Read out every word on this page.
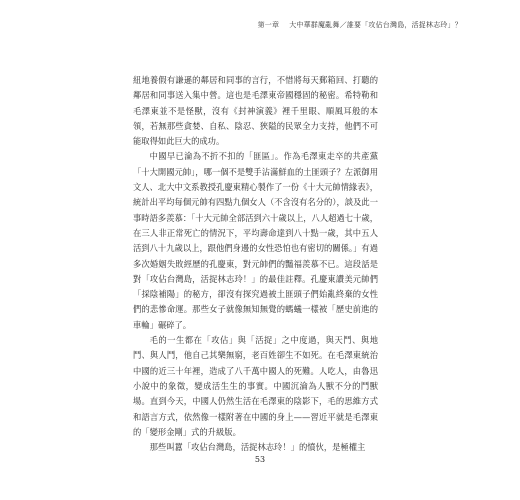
第一章 大中華群魔亂舞／誰要「攻佔台灣島，活捉林志玲」？

紐地養假有謙遜的鄰居和同事的言行，不惜將每天郵箱回、打聽的鄰居和同事送入集中營。這也是毛澤東帝國穩固的秘密。希特勒和毛澤東並不是怪獸，沒有《封神演義》裡千里眼、順風耳般的本領，若無那些貪婪、自私、陰忍、狹隘的民眾全力支持，他們不可能取得如此巨大的成功。

中國早已淪為不折不扣的「匪區」。作為毛澤東走卒的共產黨「十大開國元帥」，哪一個不是雙手沾滿鮮血的土匪頭子？左派御用文人、北大中文系教授孔慶東精心製作了一份《十大元帥情緣表》，統計出平均每個元帥有四點九個女人（不含沒有名分的），談及此一事時語多羨慕：「十大元帥全部活到六十歲以上，八人超過七十歲，在三人非正常死亡的情況下，平均壽命達到八十點一歲，其中五人活到八十九歲以上，跟他們身邊的女性恐怕也有密切的關係。」有過多次婚姻失敗經歷的孔慶東，對元帥們的豔福羨慕不已。這段話是對「攻佔台灣島，活捉林志玲！」的最佳註釋。孔慶東讚美元帥們「採陰補陽」的秘方，卻沒有探究過被土匪頭子們始亂終棄的女性們的悲慘命運。那些女子就像無知無覺的螞蟻一樣被「歷史前進的車輪」碾碎了。

毛的一生都在「攻佔」與「活捉」之中度過，與天鬥、與地鬥、與人鬥，他自己其樂無窮，老百姓卻生不如死。在毛澤東統治中國的近三十年裡，造成了八千萬中國人的死難。人吃人，由魯迅小說中的象徵，變成活生生的事實。中國沉淪為人獸不分的鬥獸場。直到今天，中國人仍然生活在毛澤東的陰影下，毛的思維方式和語言方式，依然像一樣附著在中國的身上——習近平就是毛澤東的「變形金剛」式的升級版。

那些叫囂「攻佔台灣島，活捉林志玲！」的憤伙，是極權主

53
